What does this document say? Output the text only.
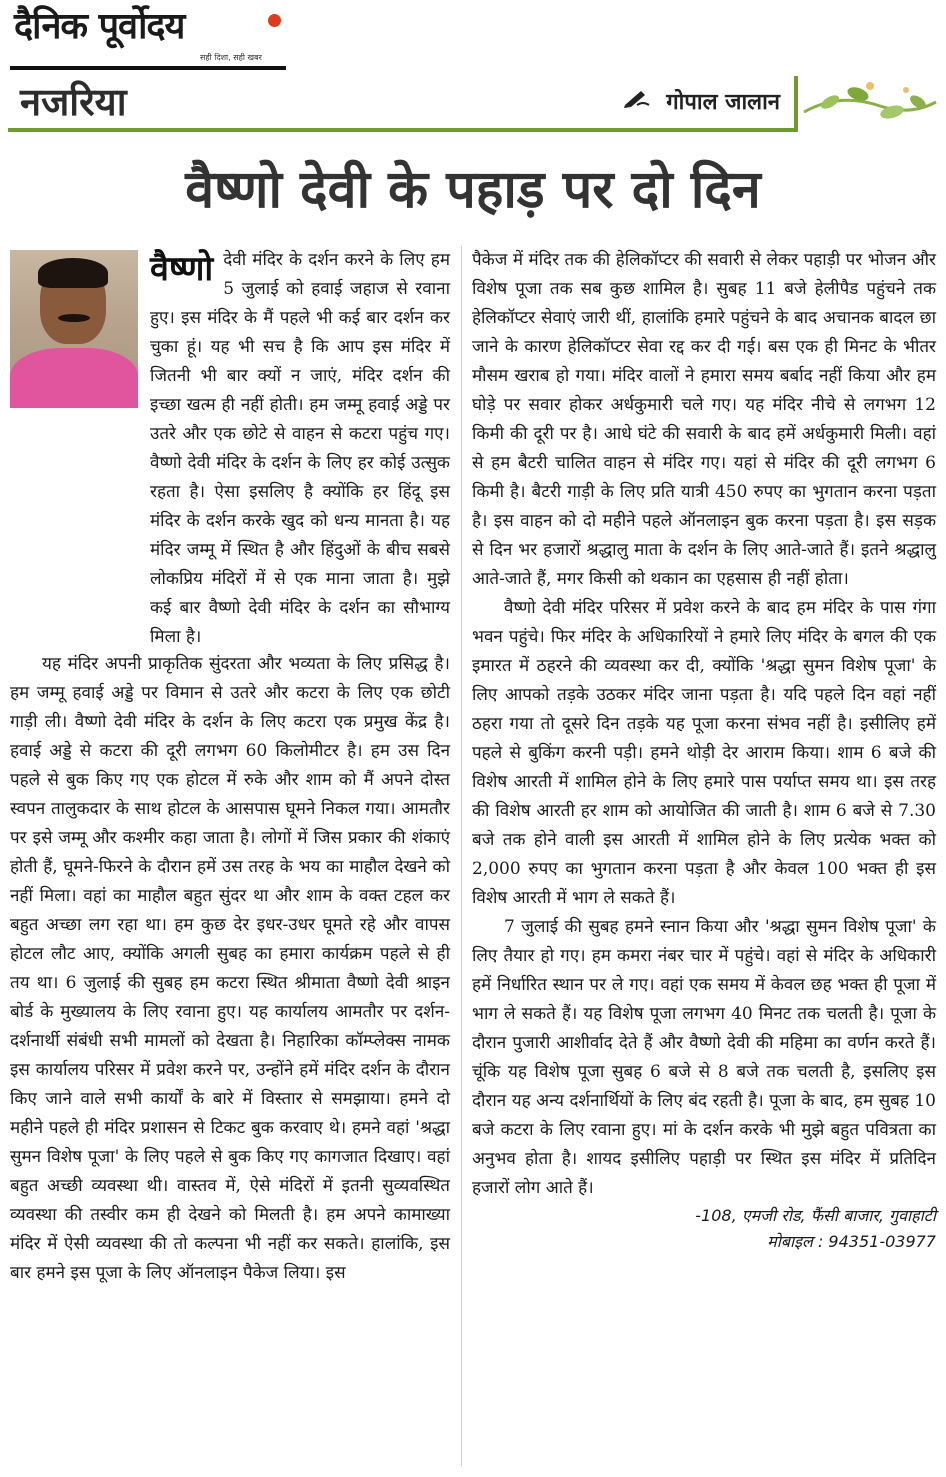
दैनिक पूर्वोदय
सही दिशा, सही खबर
नजरिया	गोपाल जालान
वैष्णो देवी के पहाड़ पर दो दिन

वैष्णो देवी मंदिर के दर्शन करने के लिए हम 5 जुलाई को हवाई जहाज से रवाना हुए। इस मंदिर के मैं पहले भी कई बार दर्शन कर चुका हूं। यह भी सच है कि आप इस मंदिर में जितनी भी बार क्यों न जाएं, मंदिर दर्शन की इच्छा खत्म ही नहीं होती। हम जम्मू हवाई अड्डे पर उतरे और एक छोटे से वाहन से कटरा पहुंच गए। वैष्णो देवी मंदिर के दर्शन के लिए हर कोई उत्सुक रहता है। ऐसा इसलिए है क्योंकि हर हिंदू इस मंदिर के दर्शन करके खुद को धन्य मानता है। यह मंदिर जम्मू में स्थित है और हिंदुओं के बीच सबसे लोकप्रिय मंदिरों में से एक माना जाता है। मुझे कई बार वैष्णो देवी मंदिर के दर्शन का सौभाग्य मिला है।

यह मंदिर अपनी प्राकृतिक सुंदरता और भव्यता के लिए प्रसिद्ध है। हम जम्मू हवाई अड्डे पर विमान से उतरे और कटरा के लिए एक छोटी गाड़ी ली। वैष्णो देवी मंदिर के दर्शन के लिए कटरा एक प्रमुख केंद्र है। हवाई अड्डे से कटरा की दूरी लगभग 60 किलोमीटर है। हम उस दिन पहले से बुक किए गए एक होटल में रुके और शाम को मैं अपने दोस्त स्वपन तालुकदार के साथ होटल के आसपास घूमने निकल गया। आमतौर पर इसे जम्मू और कश्मीर कहा जाता है। लोगों में जिस प्रकार की शंकाएं होती हैं, घूमने-फिरने के दौरान हमें उस तरह के भय का माहौल देखने को नहीं मिला। वहां का माहौल बहुत सुंदर था और शाम के वक्त टहल कर बहुत अच्छा लग रहा था। हम कुछ देर इधर-उधर घूमते रहे और वापस होटल लौट आए, क्योंकि अगली सुबह का हमारा कार्यक्रम पहले से ही तय था। 6 जुलाई की सुबह हम कटरा स्थित श्रीमाता वैष्णो देवी श्राइन बोर्ड के मुख्यालय के लिए रवाना हुए। यह कार्यालय आमतौर पर दर्शन-दर्शनार्थी संबंधी सभी मामलों को देखता है। निहारिका कॉम्प्लेक्स नामक इस कार्यालय परिसर में प्रवेश करने पर, उन्होंने हमें मंदिर दर्शन के दौरान किए जाने वाले सभी कार्यों के बारे में विस्तार से समझाया। हमने दो महीने पहले ही मंदिर प्रशासन से टिकट बुक करवाए थे। हमने वहां 'श्रद्धा सुमन विशेष पूजा' के लिए पहले से बुक किए गए कागजात दिखाए। वहां बहुत अच्छी व्यवस्था थी। वास्तव में, ऐसे मंदिरों में इतनी सुव्यवस्थित व्यवस्था की तस्वीर कम ही देखने को मिलती है। हम अपने कामाख्या मंदिर में ऐसी व्यवस्था की तो कल्पना भी नहीं कर सकते। हालांकि, इस बार हमने इस पूजा के लिए ऑनलाइन पैकेज लिया। इस

पैकेज में मंदिर तक की हेलिकॉप्टर की सवारी से लेकर पहाड़ी पर भोजन और विशेष पूजा तक सब कुछ शामिल है। सुबह 11 बजे हेलीपैड पहुंचने तक हेलिकॉप्टर सेवाएं जारी थीं, हालांकि हमारे पहुंचने के बाद अचानक बादल छा जाने के कारण हेलिकॉप्टर सेवा रद्द कर दी गई। बस एक ही मिनट के भीतर मौसम खराब हो गया। मंदिर वालों ने हमारा समय बर्बाद नहीं किया और हम घोड़े पर सवार होकर अर्धकुमारी चले गए। यह मंदिर नीचे से लगभग 12 किमी की दूरी पर है। आधे घंटे की सवारी के बाद हमें अर्धकुमारी मिली। वहां से हम बैटरी चालित वाहन से मंदिर गए। यहां से मंदिर की दूरी लगभग 6 किमी है। बैटरी गाड़ी के लिए प्रति यात्री 450 रुपए का भुगतान करना पड़ता है। इस वाहन को दो महीने पहले ऑनलाइन बुक करना पड़ता है। इस सड़क से दिन भर हजारों श्रद्धालु माता के दर्शन के लिए आते-जाते हैं। इतने श्रद्धालु आते-जाते हैं, मगर किसी को थकान का एहसास ही नहीं होता।

वैष्णो देवी मंदिर परिसर में प्रवेश करने के बाद हम मंदिर के पास गंगा भवन पहुंचे। फिर मंदिर के अधिकारियों ने हमारे लिए मंदिर के बगल की एक इमारत में ठहरने की व्यवस्था कर दी, क्योंकि 'श्रद्धा सुमन विशेष पूजा' के लिए आपको तड़के उठकर मंदिर जाना पड़ता है। यदि पहले दिन वहां नहीं ठहरा गया तो दूसरे दिन तड़के यह पूजा करना संभव नहीं है। इसीलिए हमें पहले से बुकिंग करनी पड़ी। हमने थोड़ी देर आराम किया। शाम 6 बजे की विशेष आरती में शामिल होने के लिए हमारे पास पर्याप्त समय था। इस तरह की विशेष आरती हर शाम को आयोजित की जाती है। शाम 6 बजे से 7.30 बजे तक होने वाली इस आरती में शामिल होने के लिए प्रत्येक भक्त को 2,000 रुपए का भुगतान करना पड़ता है और केवल 100 भक्त ही इस विशेष आरती में भाग ले सकते हैं।

7 जुलाई की सुबह हमने स्नान किया और 'श्रद्धा सुमन विशेष पूजा' के लिए तैयार हो गए। हम कमरा नंबर चार में पहुंचे। वहां से मंदिर के अधिकारी हमें निर्धारित स्थान पर ले गए। वहां एक समय में केवल छह भक्त ही पूजा में भाग ले सकते हैं। यह विशेष पूजा लगभग 40 मिनट तक चलती है। पूजा के दौरान पुजारी आशीर्वाद देते हैं और वैष्णो देवी की महिमा का वर्णन करते हैं। चूंकि यह विशेष पूजा सुबह 6 बजे से 8 बजे तक चलती है, इसलिए इस दौरान यह अन्य दर्शनार्थियों के लिए बंद रहती है। पूजा के बाद, हम सुबह 10 बजे कटरा के लिए रवाना हुए। मां के दर्शन करके भी मुझे बहुत पवित्रता का अनुभव होता है। शायद इसीलिए पहाड़ी पर स्थित इस मंदिर में प्रतिदिन हजारों लोग आते हैं।

-108, एमजी रोड, फैंसी बाजार, गुवाहाटी

मोबाइल : 94351-03977
